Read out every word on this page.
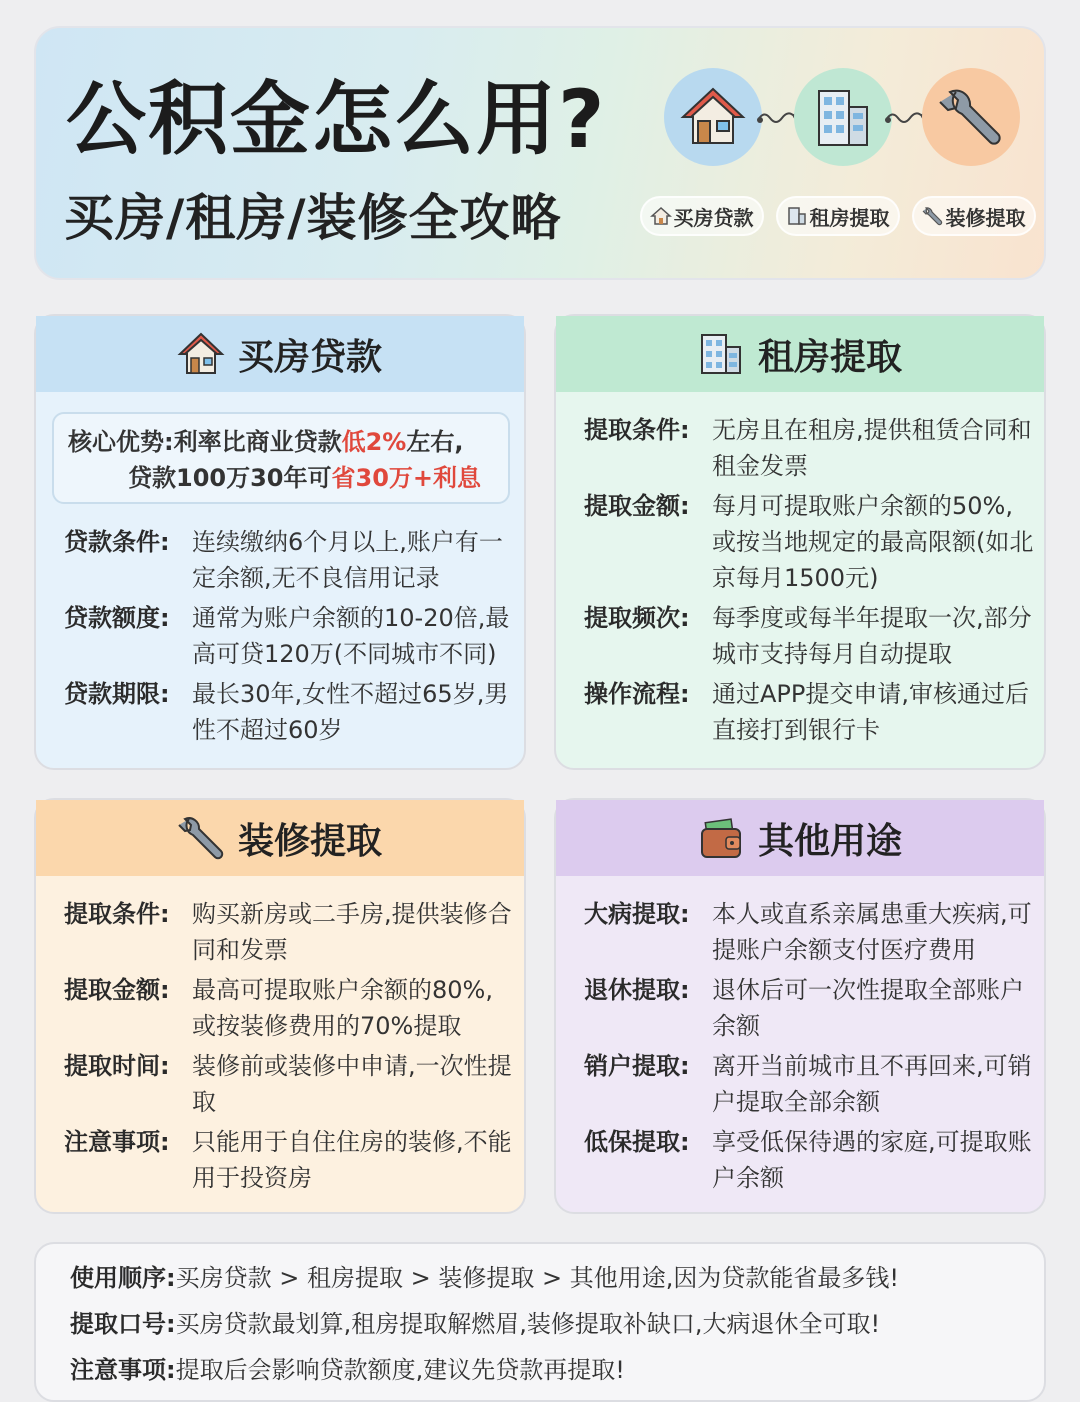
公积金怎么用?
买房/租房/装修全攻略	买房贷款	租房提取	装修提取
买房贷款
核心优势:利率比商业贷款低2%左右,
贷款100万30年可省30万+利息
贷款条件: 连续缴纳6个月以上,账户有一定余额,无不良信用记录
贷款额度: 通常为账户余额的10-20倍,最高可贷120万(不同城市不同)
贷款期限: 最长30年,女性不超过65岁,男性不超过60岁
租房提取
提取条件: 无房且在租房,提供租赁合同和租金发票
提取金额: 每月可提取账户余额的50%,或按当地规定的最高限额(如北京每月1500元)
提取频次: 每季度或每半年提取一次,部分城市支持每月自动提取
操作流程: 通过APP提交申请,审核通过后直接打到银行卡
装修提取
提取条件: 购买新房或二手房,提供装修合同和发票
提取金额: 最高可提取账户余额的80%,或按装修费用的70%提取
提取时间: 装修前或装修中申请,一次性提取
注意事项: 只能用于自住住房的装修,不能用于投资房
其他用途
大病提取: 本人或直系亲属患重大疾病,可提账户余额支付医疗费用
退休提取: 退休后可一次性提取全部账户余额
销户提取: 离开当前城市且不再回来,可销户提取全部余额
低保提取: 享受低保待遇的家庭,可提取账户余额
使用顺序:买房贷款 > 租房提取 > 装修提取 > 其他用途,因为贷款能省最多钱!
提取口号:买房贷款最划算,租房提取解燃眉,装修提取补缺口,大病退休全可取!
注意事项:提取后会影响贷款额度,建议先贷款再提取!
